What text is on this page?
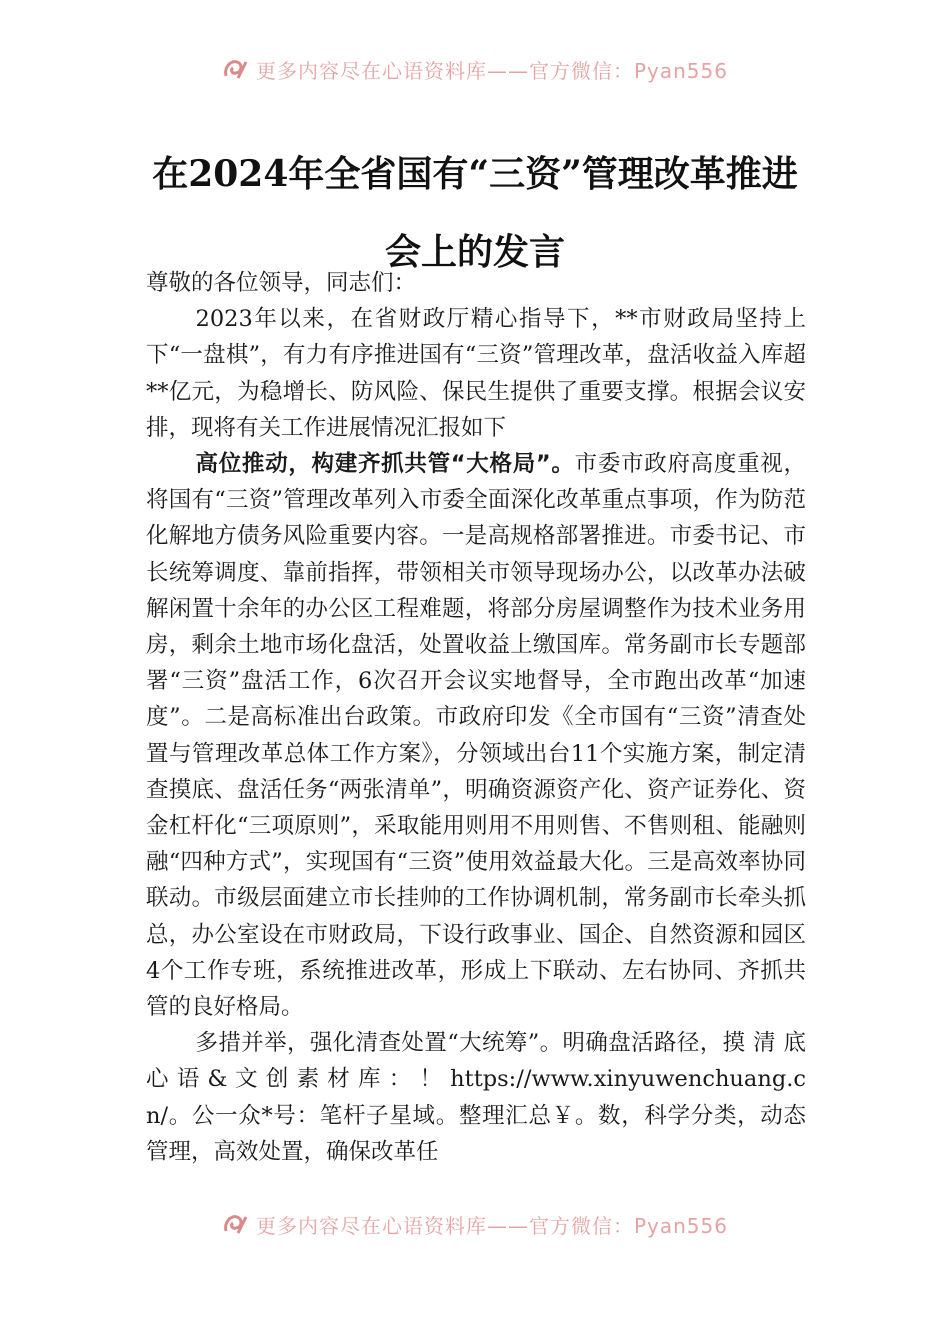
更多内容尽在心语资料库——官方微信：Pyan556
在2024年全省国有“三资”管理改革推进
会上的发言

尊敬的各位领导，同志们：

2023年以来，在省财政厅精心指导下，**市财政局坚持上下“一盘棋”，有力有序推进国有“三资”管理改革，盘活收益入库超**亿元，为稳增长、防风险、保民生提供了重要支撑。根据会议安排，现将有关工作进展情况汇报如下

高位推动，构建齐抓共管“大格局”。市委市政府高度重视，将国有“三资”管理改革列入市委全面深化改革重点事项，作为防范化解地方债务风险重要内容。一是高规格部署推进。市委书记、市长统筹调度、靠前指挥，带领相关市领导现场办公，以改革办法破解闲置十余年的办公区工程难题，将部分房屋调整作为技术业务用房，剩余土地市场化盘活，处置收益上缴国库。常务副市长专题部署“三资”盘活工作，6次召开会议实地督导，全市跑出改革“加速度”。二是高标准出台政策。市政府印发《全市国有“三资”清查处置与管理改革总体工作方案》，分领域出台11个实施方案，制定清查摸底、盘活任务“两张清单”，明确资源资产化、资产证券化、资金杠杆化“三项原则”，采取能用则用不用则售、不售则租、能融则融“四种方式”，实现国有“三资”使用效益最大化。三是高效率协同联动。市级层面建立市长挂帅的工作协调机制，常务副市长牵头抓总，办公室设在市财政局，下设行政事业、国企、自然资源和园区4个工作专班，系统推进改革，形成上下联动、左右协同、齐抓共管的良好格局。

多措并举，强化清查处置“大统筹”。明确盘活路径，摸 清 底 心 语 & 文 创 素 材 库 ： ！ https://www.xinyuwenchuang.cn/。公一众*号：笔杆子星域。整理汇总￥。数，科学分类，动态管理，高效处置，确保改革任

更多内容尽在心语资料库——官方微信：Pyan556
